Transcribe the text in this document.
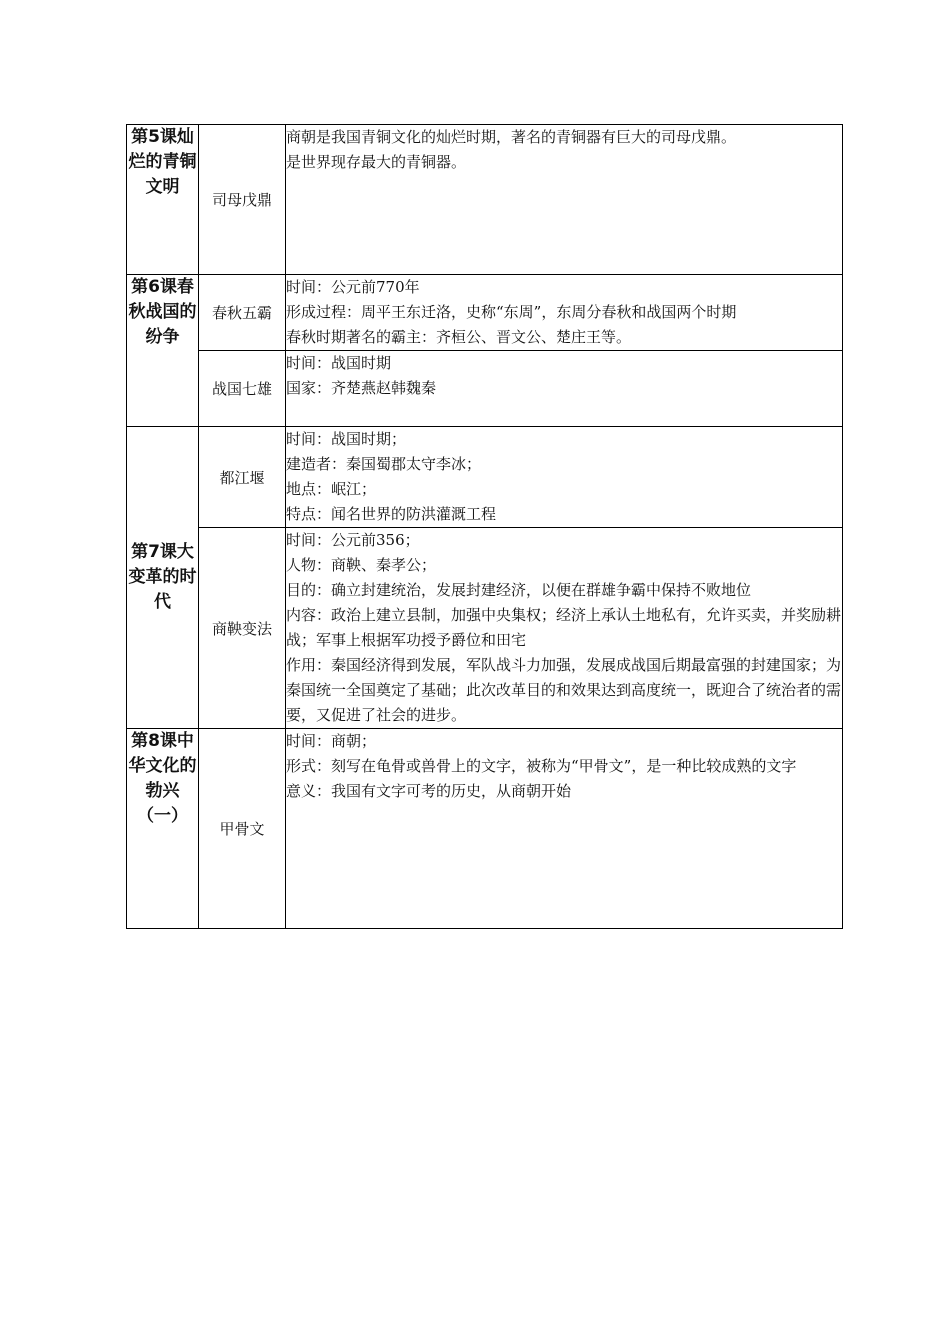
第5课灿烂的青铜文明	司母戊鼎	商朝是我国青铜文化的灿烂时期，著名的青铜器有巨大的司母戊鼎。
是世界现存最大的青铜器。

第6课春秋战国的纷争	春秋五霸	时间：公元前770年
形成过程：周平王东迁洛，史称“东周”，东周分春秋和战国两个时期
春秋时期著名的霸主：齐桓公、晋文公、楚庄王等。

	战国七雄	时间：战国时期
国家：齐楚燕赵韩魏秦

第7课大变革的时代	都江堰	时间：战国时期；
建造者：秦国蜀郡太守李冰；
地点：岷江；
特点：闻名世界的防洪灌溉工程

	商鞅变法	时间：公元前356；
人物：商鞅、秦孝公；
目的：确立封建统治，发展封建经济，以便在群雄争霸中保持不败地位
内容：政治上建立县制，加强中央集权；经济上承认土地私有，允许买卖，并奖励耕战；军事上根据军功授予爵位和田宅
作用：秦国经济得到发展，军队战斗力加强，发展成战国后期最富强的封建国家；为秦国统一全国奠定了基础；此次改革目的和效果达到高度统一，既迎合了统治者的需要，又促进了社会的进步。

第8课中华文化的勃兴（一）	甲骨文	时间：商朝；
形式：刻写在龟骨或兽骨上的文字，被称为“甲骨文”，是一种比较成熟的文字
意义：我国有文字可考的历史，从商朝开始
